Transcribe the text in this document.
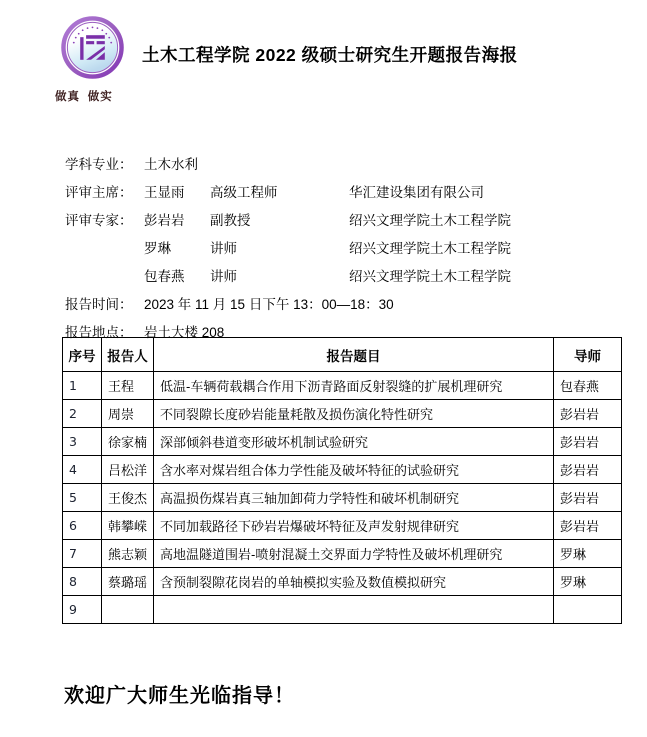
做真  做实
土木工程学院 2022 级硕士研究生开题报告海报
学科专业： 土木水利
评审主席： 王显雨	高级工程师	华汇建设集团有限公司
评审专家： 彭岩岩	副教授	绍兴文理学院土木工程学院
罗琳	讲师	绍兴文理学院土木工程学院
包春燕	讲师	绍兴文理学院土木工程学院
报告时间： 2023 年 11 月 15 日下午 13：00—18：30
报告地点： 岩土大楼 208
序号	报告人	报告题目	导师
1	王程	低温-车辆荷载耦合作用下沥青路面反射裂缝的扩展机理研究	包春燕
2	周崇	不同裂隙长度砂岩能量耗散及损伤演化特性研究	彭岩岩
3	徐家楠	深部倾斜巷道变形破坏机制试验研究	彭岩岩
4	吕松洋	含水率对煤岩组合体力学性能及破坏特征的试验研究	彭岩岩
5	王俊杰	高温损伤煤岩真三轴加卸荷力学特性和破坏机制研究	彭岩岩
6	韩攀嵘	不同加载路径下砂岩岩爆破坏特征及声发射规律研究	彭岩岩
7	熊志颖	高地温隧道围岩-喷射混凝土交界面力学特性及破坏机理研究	罗琳
8	蔡璐瑶	含预制裂隙花岗岩的单轴模拟实验及数值模拟研究	罗琳
9			
欢迎广大师生光临指导！
